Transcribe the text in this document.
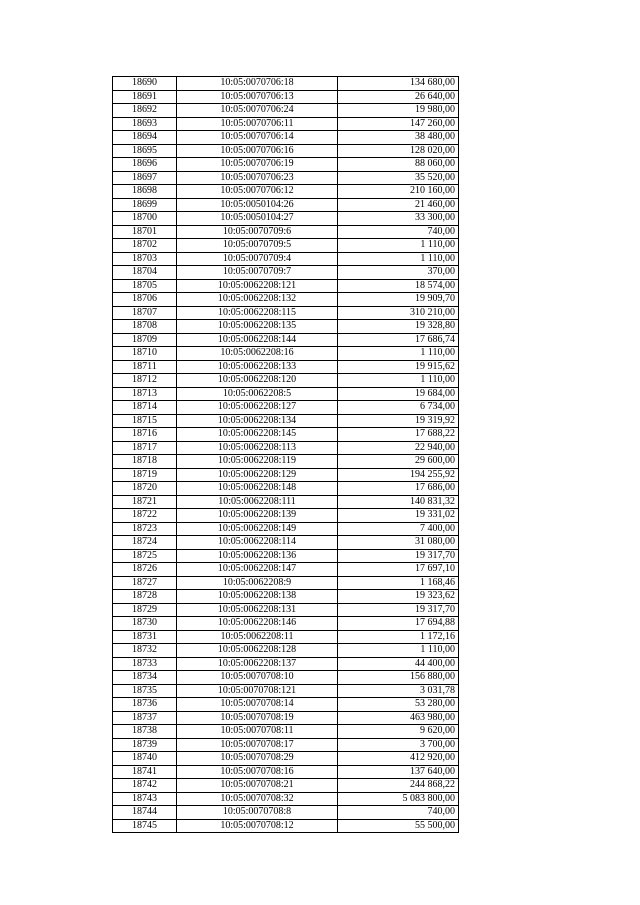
18690	10:05:0070706:18	134 680,00
18691	10:05:0070706:13	26 640,00
18692	10:05:0070706:24	19 980,00
18693	10:05:0070706:11	147 260,00
18694	10:05:0070706:14	38 480,00
18695	10:05:0070706:16	128 020,00
18696	10:05:0070706:19	88 060,00
18697	10:05:0070706:23	35 520,00
18698	10:05:0070706:12	210 160,00
18699	10:05:0050104:26	21 460,00
18700	10:05:0050104:27	33 300,00
18701	10:05:0070709:6	740,00
18702	10:05:0070709:5	1 110,00
18703	10:05:0070709:4	1 110,00
18704	10:05:0070709:7	370,00
18705	10:05:0062208:121	18 574,00
18706	10:05:0062208:132	19 909,70
18707	10:05:0062208:115	310 210,00
18708	10:05:0062208:135	19 328,80
18709	10:05:0062208:144	17 686,74
18710	10:05:0062208:16	1 110,00
18711	10:05:0062208:133	19 915,62
18712	10:05:0062208:120	1 110,00
18713	10:05:0062208:5	19 684,00
18714	10:05:0062208:127	6 734,00
18715	10:05:0062208:134	19 319,92
18716	10:05:0062208:145	17 688,22
18717	10:05:0062208:113	22 940,00
18718	10:05:0062208:119	29 600,00
18719	10:05:0062208:129	194 255,92
18720	10:05:0062208:148	17 686,00
18721	10:05:0062208:111	140 831,32
18722	10:05:0062208:139	19 331,02
18723	10:05:0062208:149	7 400,00
18724	10:05:0062208:114	31 080,00
18725	10:05:0062208:136	19 317,70
18726	10:05:0062208:147	17 697,10
18727	10:05:0062208:9	1 168,46
18728	10:05:0062208:138	19 323,62
18729	10:05:0062208:131	19 317,70
18730	10:05:0062208:146	17 694,88
18731	10:05:0062208:11	1 172,16
18732	10:05:0062208:128	1 110,00
18733	10:05:0062208:137	44 400,00
18734	10:05:0070708:10	156 880,00
18735	10:05:0070708:121	3 031,78
18736	10:05:0070708:14	53 280,00
18737	10:05:0070708:19	463 980,00
18738	10:05:0070708:11	9 620,00
18739	10:05:0070708:17	3 700,00
18740	10:05:0070708:29	412 920,00
18741	10:05:0070708:16	137 640,00
18742	10:05:0070708:21	244 868,22
18743	10:05:0070708:32	5 083 800,00
18744	10:05:0070708:8	740,00
18745	10:05:0070708:12	55 500,00
